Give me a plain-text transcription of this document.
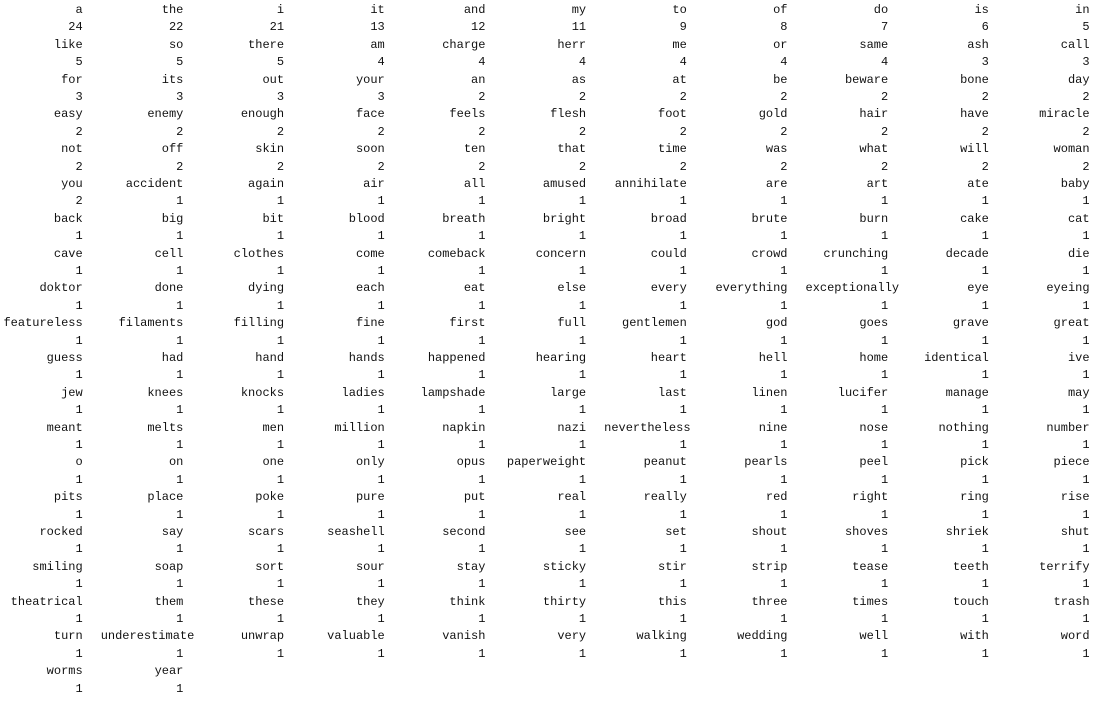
a
24
the
22
i
21
it
13
and
12
my
11
to
9
of
8
do
7
is
6
in
5
like
5
so
5
there
5
am
4
charge
4
herr
4
me
4
or
4
same
4
ash
3
call
3
for
3
its
3
out
3
your
3
an
2
as
2
at
2
be
2
beware
2
bone
2
day
2
easy
2
enemy
2
enough
2
face
2
feels
2
flesh
2
foot
2
gold
2
hair
2
have
2
miracle
2
not
2
off
2
skin
2
soon
2
ten
2
that
2
time
2
was
2
what
2
will
2
woman
2
you
2
accident
1
again
1
air
1
all
1
amused
1
annihilate
1
are
1
art
1
ate
1
baby
1
back
1
big
1
bit
1
blood
1
breath
1
bright
1
broad
1
brute
1
burn
1
cake
1
cat
1
cave
1
cell
1
clothes
1
come
1
comeback
1
concern
1
could
1
crowd
1
crunching
1
decade
1
die
1
doktor
1
done
1
dying
1
each
1
eat
1
else
1
every
1
everything
1
exceptionally
1
eye
1
eyeing
1
featureless
1
filaments
1
filling
1
fine
1
first
1
full
1
gentlemen
1
god
1
goes
1
grave
1
great
1
guess
1
had
1
hand
1
hands
1
happened
1
hearing
1
heart
1
hell
1
home
1
identical
1
ive
1
jew
1
knees
1
knocks
1
ladies
1
lampshade
1
large
1
last
1
linen
1
lucifer
1
manage
1
may
1
meant
1
melts
1
men
1
million
1
napkin
1
nazi
1
nevertheless
1
nine
1
nose
1
nothing
1
number
1
o
1
on
1
one
1
only
1
opus
1
paperweight
1
peanut
1
pearls
1
peel
1
pick
1
piece
1
pits
1
place
1
poke
1
pure
1
put
1
real
1
really
1
red
1
right
1
ring
1
rise
1
rocked
1
say
1
scars
1
seashell
1
second
1
see
1
set
1
shout
1
shoves
1
shriek
1
shut
1
smiling
1
soap
1
sort
1
sour
1
stay
1
sticky
1
stir
1
strip
1
tease
1
teeth
1
terrify
1
theatrical
1
them
1
these
1
they
1
think
1
thirty
1
this
1
three
1
times
1
touch
1
trash
1
turn
1
underestimate
1
unwrap
1
valuable
1
vanish
1
very
1
walking
1
wedding
1
well
1
with
1
word
1
worms
1
year
1
